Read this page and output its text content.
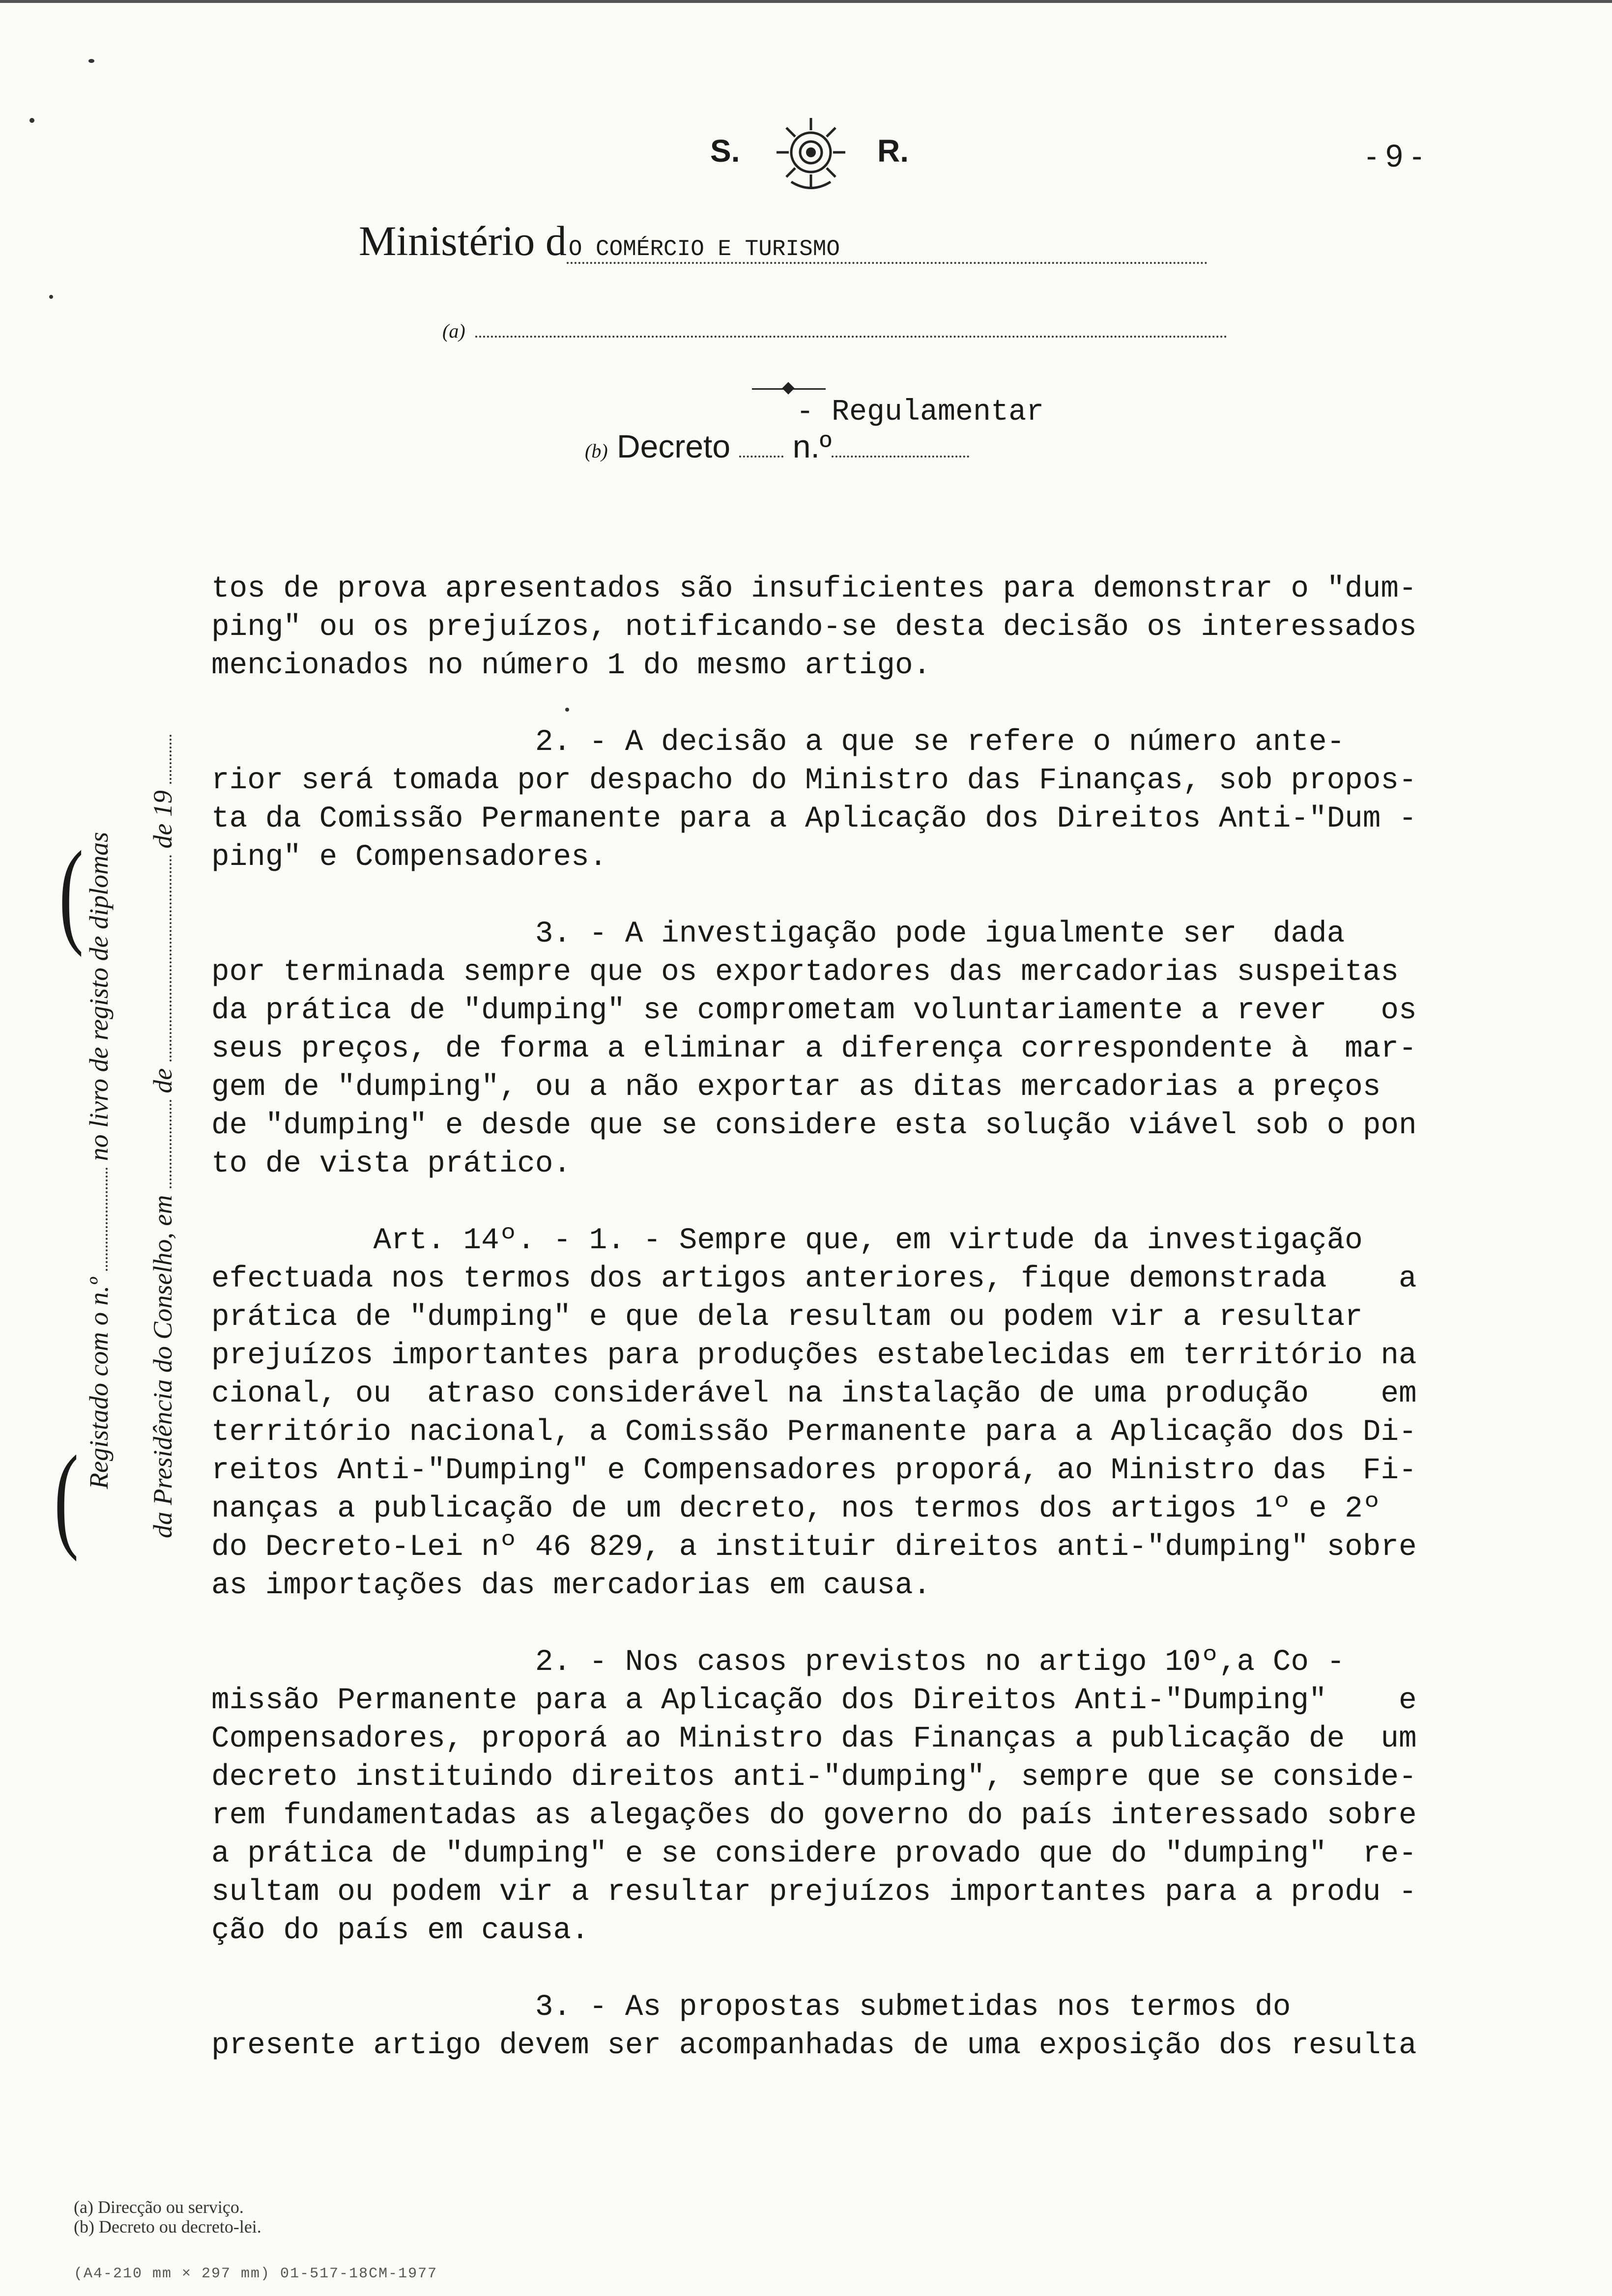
S.	R.	- 9 -
Ministério dO COMÉRCIO E TURISMO
(a)
- Regulamentar
(b) Decreto n.º
(
(
Registado com o n.º  no livro de registo de diplomas
da Presidência do Conselho, em  de  de 19

tos de prova apresentados são insuficientes para demonstrar o "dum-
ping" ou os prejuízos, notificando-se desta decisão os interessados
mencionados no número 1 do mesmo artigo.

2. - A decisão a que se refere o número ante-
rior será tomada por despacho do Ministro das Finanças, sob propos-
ta da Comissão Permanente para a Aplicação dos Direitos Anti-"Dum -
ping" e Compensadores.

3. - A investigação pode igualmente ser  dada
por terminada sempre que os exportadores das mercadorias suspeitas
da prática de "dumping" se comprometam voluntariamente a rever   os
seus preços, de forma a eliminar a diferença correspondente à  mar-
gem de "dumping", ou a não exportar as ditas mercadorias a preços
de "dumping" e desde que se considere esta solução viável sob o pon
to de vista prático.

Art. 14º. - 1. - Sempre que, em virtude da investigação
efectuada nos termos dos artigos anteriores, fique demonstrada    a
prática de "dumping" e que dela resultam ou podem vir a resultar
prejuízos importantes para produções estabelecidas em território na
cional, ou  atraso considerável na instalação de uma produção    em
território nacional, a Comissão Permanente para a Aplicação dos Di-
reitos Anti-"Dumping" e Compensadores proporá, ao Ministro das  Fi-
nanças a publicação de um decreto, nos termos dos artigos 1º e 2º
do Decreto-Lei nº 46 829, a instituir direitos anti-"dumping" sobre
as importações das mercadorias em causa.

2. - Nos casos previstos no artigo 10º,a Co -
missão Permanente para a Aplicação dos Direitos Anti-"Dumping"    e
Compensadores, proporá ao Ministro das Finanças a publicação de  um
decreto instituindo direitos anti-"dumping", sempre que se conside-
rem fundamentadas as alegações do governo do país interessado sobre
a prática de "dumping" e se considere provado que do "dumping"  re-
sultam ou podem vir a resultar prejuízos importantes para a produ -
ção do país em causa.

3. - As propostas submetidas nos termos do
presente artigo devem ser acompanhadas de uma exposição dos resulta

(a) Direcção ou serviço.
(b) Decreto ou decreto-lei.
(A4-210 mm × 297 mm) 01-517-18CM-1977
